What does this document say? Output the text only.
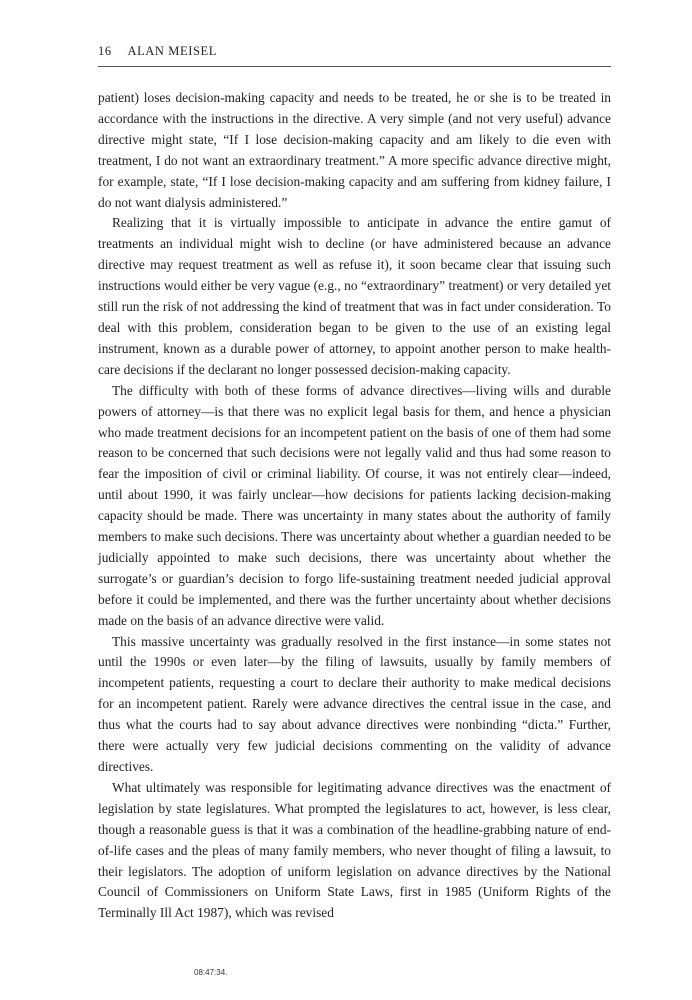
16 ALAN MEISEL

patient) loses decision-making capacity and needs to be treated, he or she is to be treated in accordance with the instructions in the directive. A very simple (and not very useful) advance directive might state, “If I lose decision-making capacity and am likely to die even with treatment, I do not want an extraordinary treatment.” A more specific advance directive might, for example, state, “If I lose decision-making capacity and am suffering from kidney failure, I do not want dialysis administered.”

Realizing that it is virtually impossible to anticipate in advance the entire gamut of treatments an individual might wish to decline (or have administered because an advance directive may request treatment as well as refuse it), it soon became clear that issuing such instructions would either be very vague (e.g., no “extraordinary” treatment) or very detailed yet still run the risk of not addressing the kind of treatment that was in fact under consideration. To deal with this problem, consideration began to be given to the use of an existing legal instrument, known as a durable power of attorney, to appoint another person to make health-care decisions if the declarant no longer possessed decision-making capacity.

The difficulty with both of these forms of advance directives—living wills and durable powers of attorney—is that there was no explicit legal basis for them, and hence a physician who made treatment decisions for an incompetent patient on the basis of one of them had some reason to be concerned that such decisions were not legally valid and thus had some reason to fear the imposition of civil or criminal liability. Of course, it was not entirely clear—indeed, until about 1990, it was fairly unclear—how decisions for patients lacking decision-making capacity should be made. There was uncertainty in many states about the authority of family members to make such decisions. There was uncertainty about whether a guardian needed to be judicially appointed to make such decisions, there was uncertainty about whether the surrogate’s or guardian’s decision to forgo life-sustaining treatment needed judicial approval before it could be implemented, and there was the further uncertainty about whether decisions made on the basis of an advance directive were valid.

This massive uncertainty was gradually resolved in the first instance—in some states not until the 1990s or even later—by the filing of lawsuits, usually by family members of incompetent patients, requesting a court to declare their authority to make medical decisions for an incompetent patient. Rarely were advance directives the central issue in the case, and thus what the courts had to say about advance directives were nonbinding “dicta.” Further, there were actually very few judicial decisions commenting on the validity of advance directives.

What ultimately was responsible for legitimating advance directives was the enactment of legislation by state legislatures. What prompted the legislatures to act, however, is less clear, though a reasonable guess is that it was a combination of the headline-grabbing nature of end-of-life cases and the pleas of many family members, who never thought of filing a lawsuit, to their legislators. The adoption of uniform legislation on advance directives by the National Council of Commissioners on Uniform State Laws, first in 1985 (Uniform Rights of the Terminally Ill Act 1987), which was revised

08:47:34.
